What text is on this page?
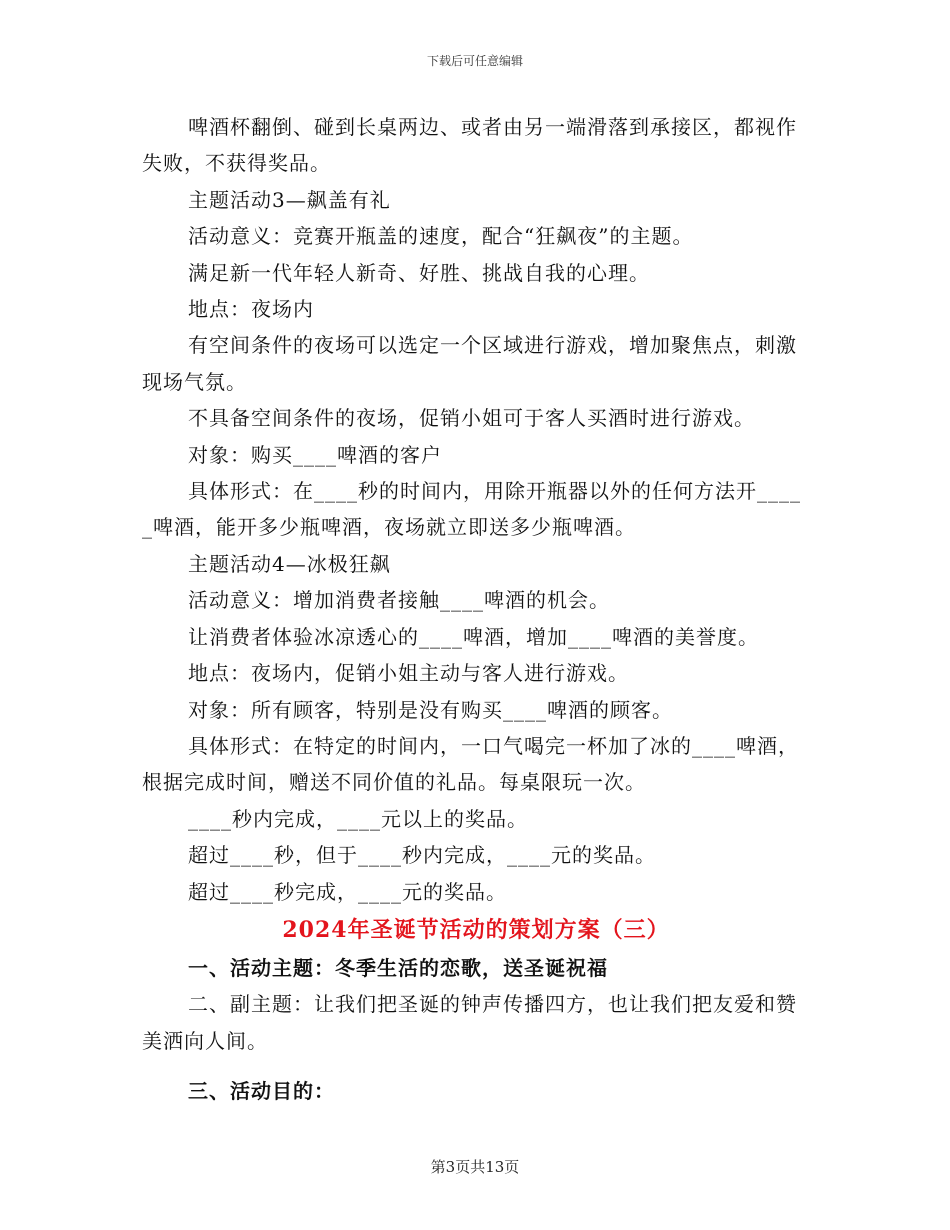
下载后可任意编辑

啤酒杯翻倒、碰到长桌两边、或者由另一端滑落到承接区，都视作失败，不获得奖品。

主题活动3—飙盖有礼

活动意义：竞赛开瓶盖的速度，配合“狂飙夜”的主题。

满足新一代年轻人新奇、好胜、挑战自我的心理。

地点：夜场内

有空间条件的夜场可以选定一个区域进行游戏，增加聚焦点，刺激现场气氛。

不具备空间条件的夜场，促销小姐可于客人买酒时进行游戏。

对象：购买____啤酒的客户

具体形式：在____秒的时间内，用除开瓶器以外的任何方法开_____啤酒，能开多少瓶啤酒，夜场就立即送多少瓶啤酒。

主题活动4—冰极狂飙

活动意义：增加消费者接触____啤酒的机会。

让消费者体验冰凉透心的____啤酒，增加____啤酒的美誉度。

地点：夜场内，促销小姐主动与客人进行游戏。

对象：所有顾客，特别是没有购买____啤酒的顾客。

具体形式：在特定的时间内，一口气喝完一杯加了冰的____啤酒，根据完成时间，赠送不同价值的礼品。每桌限玩一次。

____秒内完成，____元以上的奖品。

超过____秒，但于____秒内完成，____元的奖品。

超过____秒完成，____元的奖品。

2024年圣诞节活动的策划方案（三）

一、活动主题：冬季生活的恋歌，送圣诞祝福

二、副主题：让我们把圣诞的钟声传播四方，也让我们把友爱和赞美洒向人间。

三、活动目的：

第3页共13页
